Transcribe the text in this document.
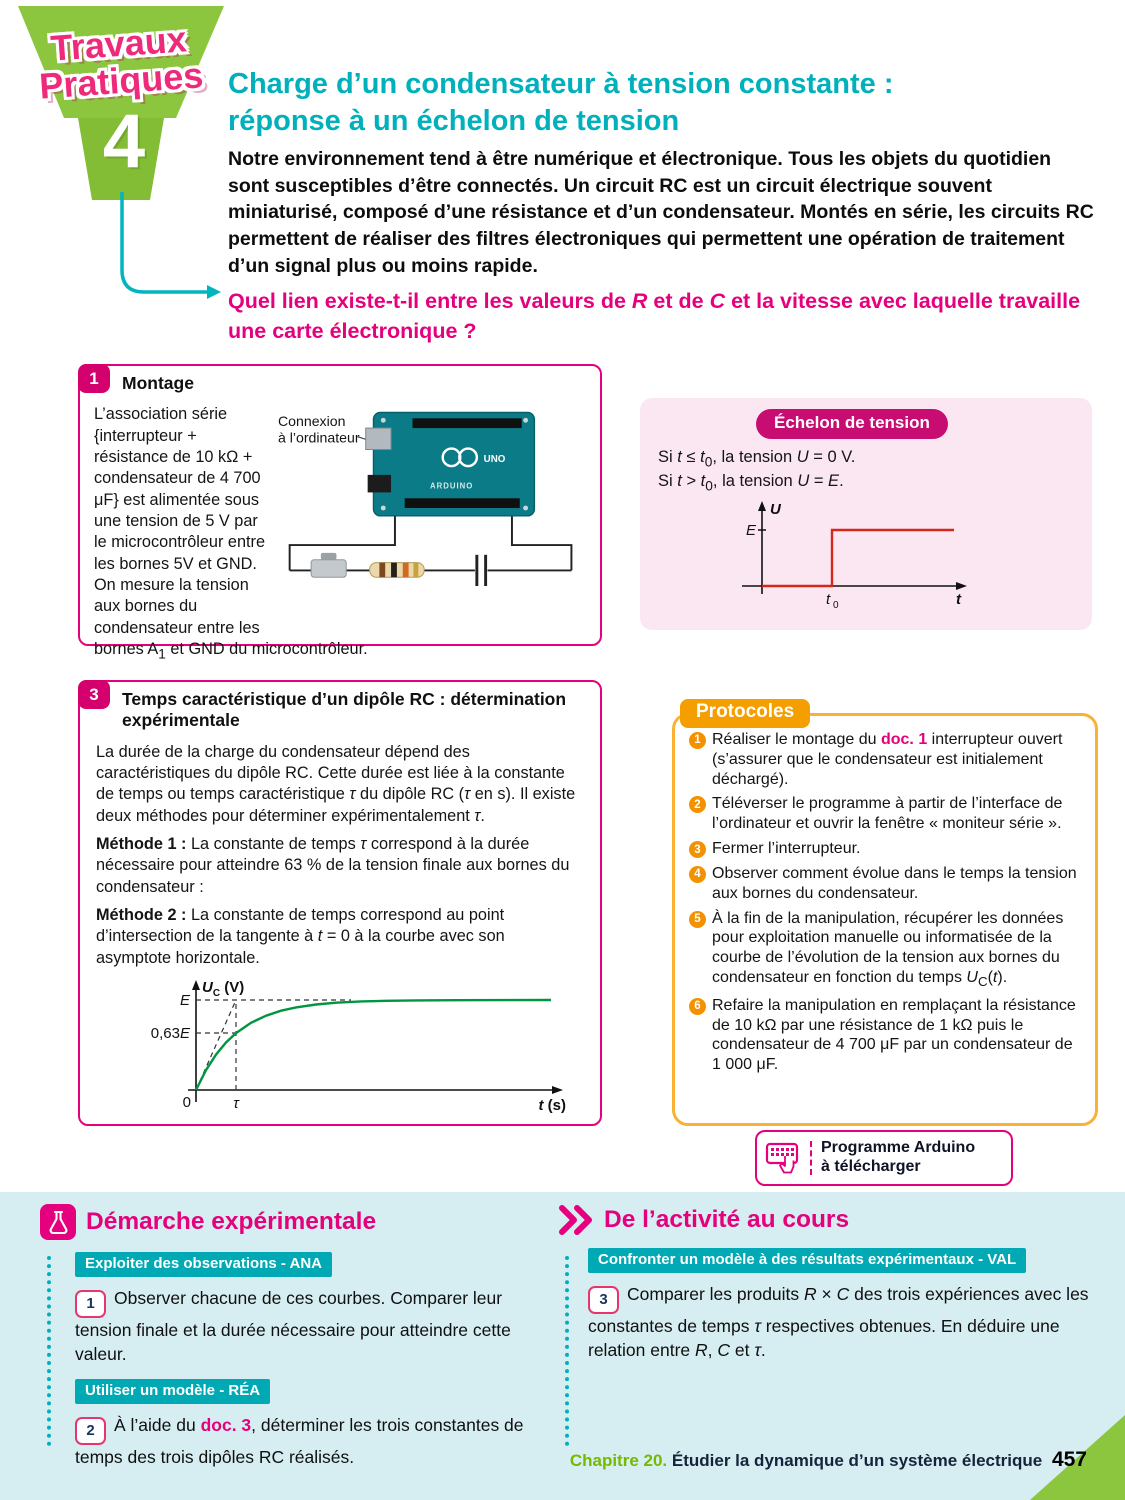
Travaux
Pratiques
4
Charge d’un condensateur à tension constante :
réponse à un échelon de tension

Notre environnement tend à être numérique et électronique. Tous les objets du quotidien sont susceptibles d’être connectés. Un circuit RC est un circuit électrique souvent miniaturisé, composé d’une résistance et d’un condensateur. Montés en série, les circuits RC permettent de réaliser des filtres électroniques qui permettent une opération de traitement d’un signal plus ou moins rapide.

Quel lien existe-t-il entre les valeurs de R et de C et la vitesse avec laquelle travaille une carte électronique ?

1	Montage
Connexion
à l’ordinateur
UNO
ARDUINO

L’association série {interrupteur + résistance de 10 kΩ + condensateur de 4 700 μF} est alimentée sous une tension de 5 V par le microcontrôleur entre les bornes 5V et GND. On mesure la tension aux bornes du condensateur entre les bornes $A_1$ et GND du microcontrôleur.

Échelon de tension

Si $t \le t_0$, la tension U = 0 V.

Si $t > t_0$, la tension U = E.

U
E
t 0	t
3	Temps caractéristique d’un dipôle RC : détermination expérimentale

La durée de la charge du condensateur dépend des caractéristiques du dipôle RC. Cette durée est liée à la constante de temps ou temps caractéristique τ du dipôle RC (τ en s). Il existe deux méthodes pour déterminer expérimentalement τ.

Méthode 1 : La constante de temps τ correspond à la durée nécessaire pour atteindre 63 % de la tension finale aux bornes du condensateur :

Méthode 2 : La constante de temps correspond au point d’intersection de la tangente à t = 0 à la courbe avec son asymptote horizontale.

E
0,63E
0	τ
$U_C$ (V)
t (s)
Protocoles
1 Réaliser le montage du doc. 1 interrupteur ouvert (s’assurer que le condensateur est initialement déchargé).
2 Téléverser le programme à partir de l’interface de l’ordinateur et ouvrir la fenêtre « moniteur série ».
3 Fermer l’interrupteur.
4 Observer comment évolue dans le temps la tension aux bornes du condensateur.
5 À la fin de la manipulation, récupérer les données pour exploitation manuelle ou informatisée de la courbe de l’évolution de la tension aux bornes du condensateur en fonction du temps $U_C(t)$.
6 Refaire la manipulation en remplaçant la résistance de 10 kΩ par une résistance de 1 kΩ puis le condensateur de 4 700 μF par un condensateur de 1 000 μF.
Programme Arduino
à télécharger
Démarche expérimentale
Exploiter des observations - ANA

1 Observer chacune de ces courbes. Comparer leur tension finale et la durée nécessaire pour atteindre cette valeur.

Utiliser un modèle - RÉA

2 À l’aide du doc. 3, déterminer les trois constantes de temps des trois dipôles RC réalisés.

De l’activité au cours
Confronter un modèle à des résultats expérimentaux - VAL

3 Comparer les produits R × C des trois expériences avec les constantes de temps τ respectives obtenues. En déduire une relation entre R, C et τ.

Chapitre 20. Étudier la dynamique d’un système électrique 457
